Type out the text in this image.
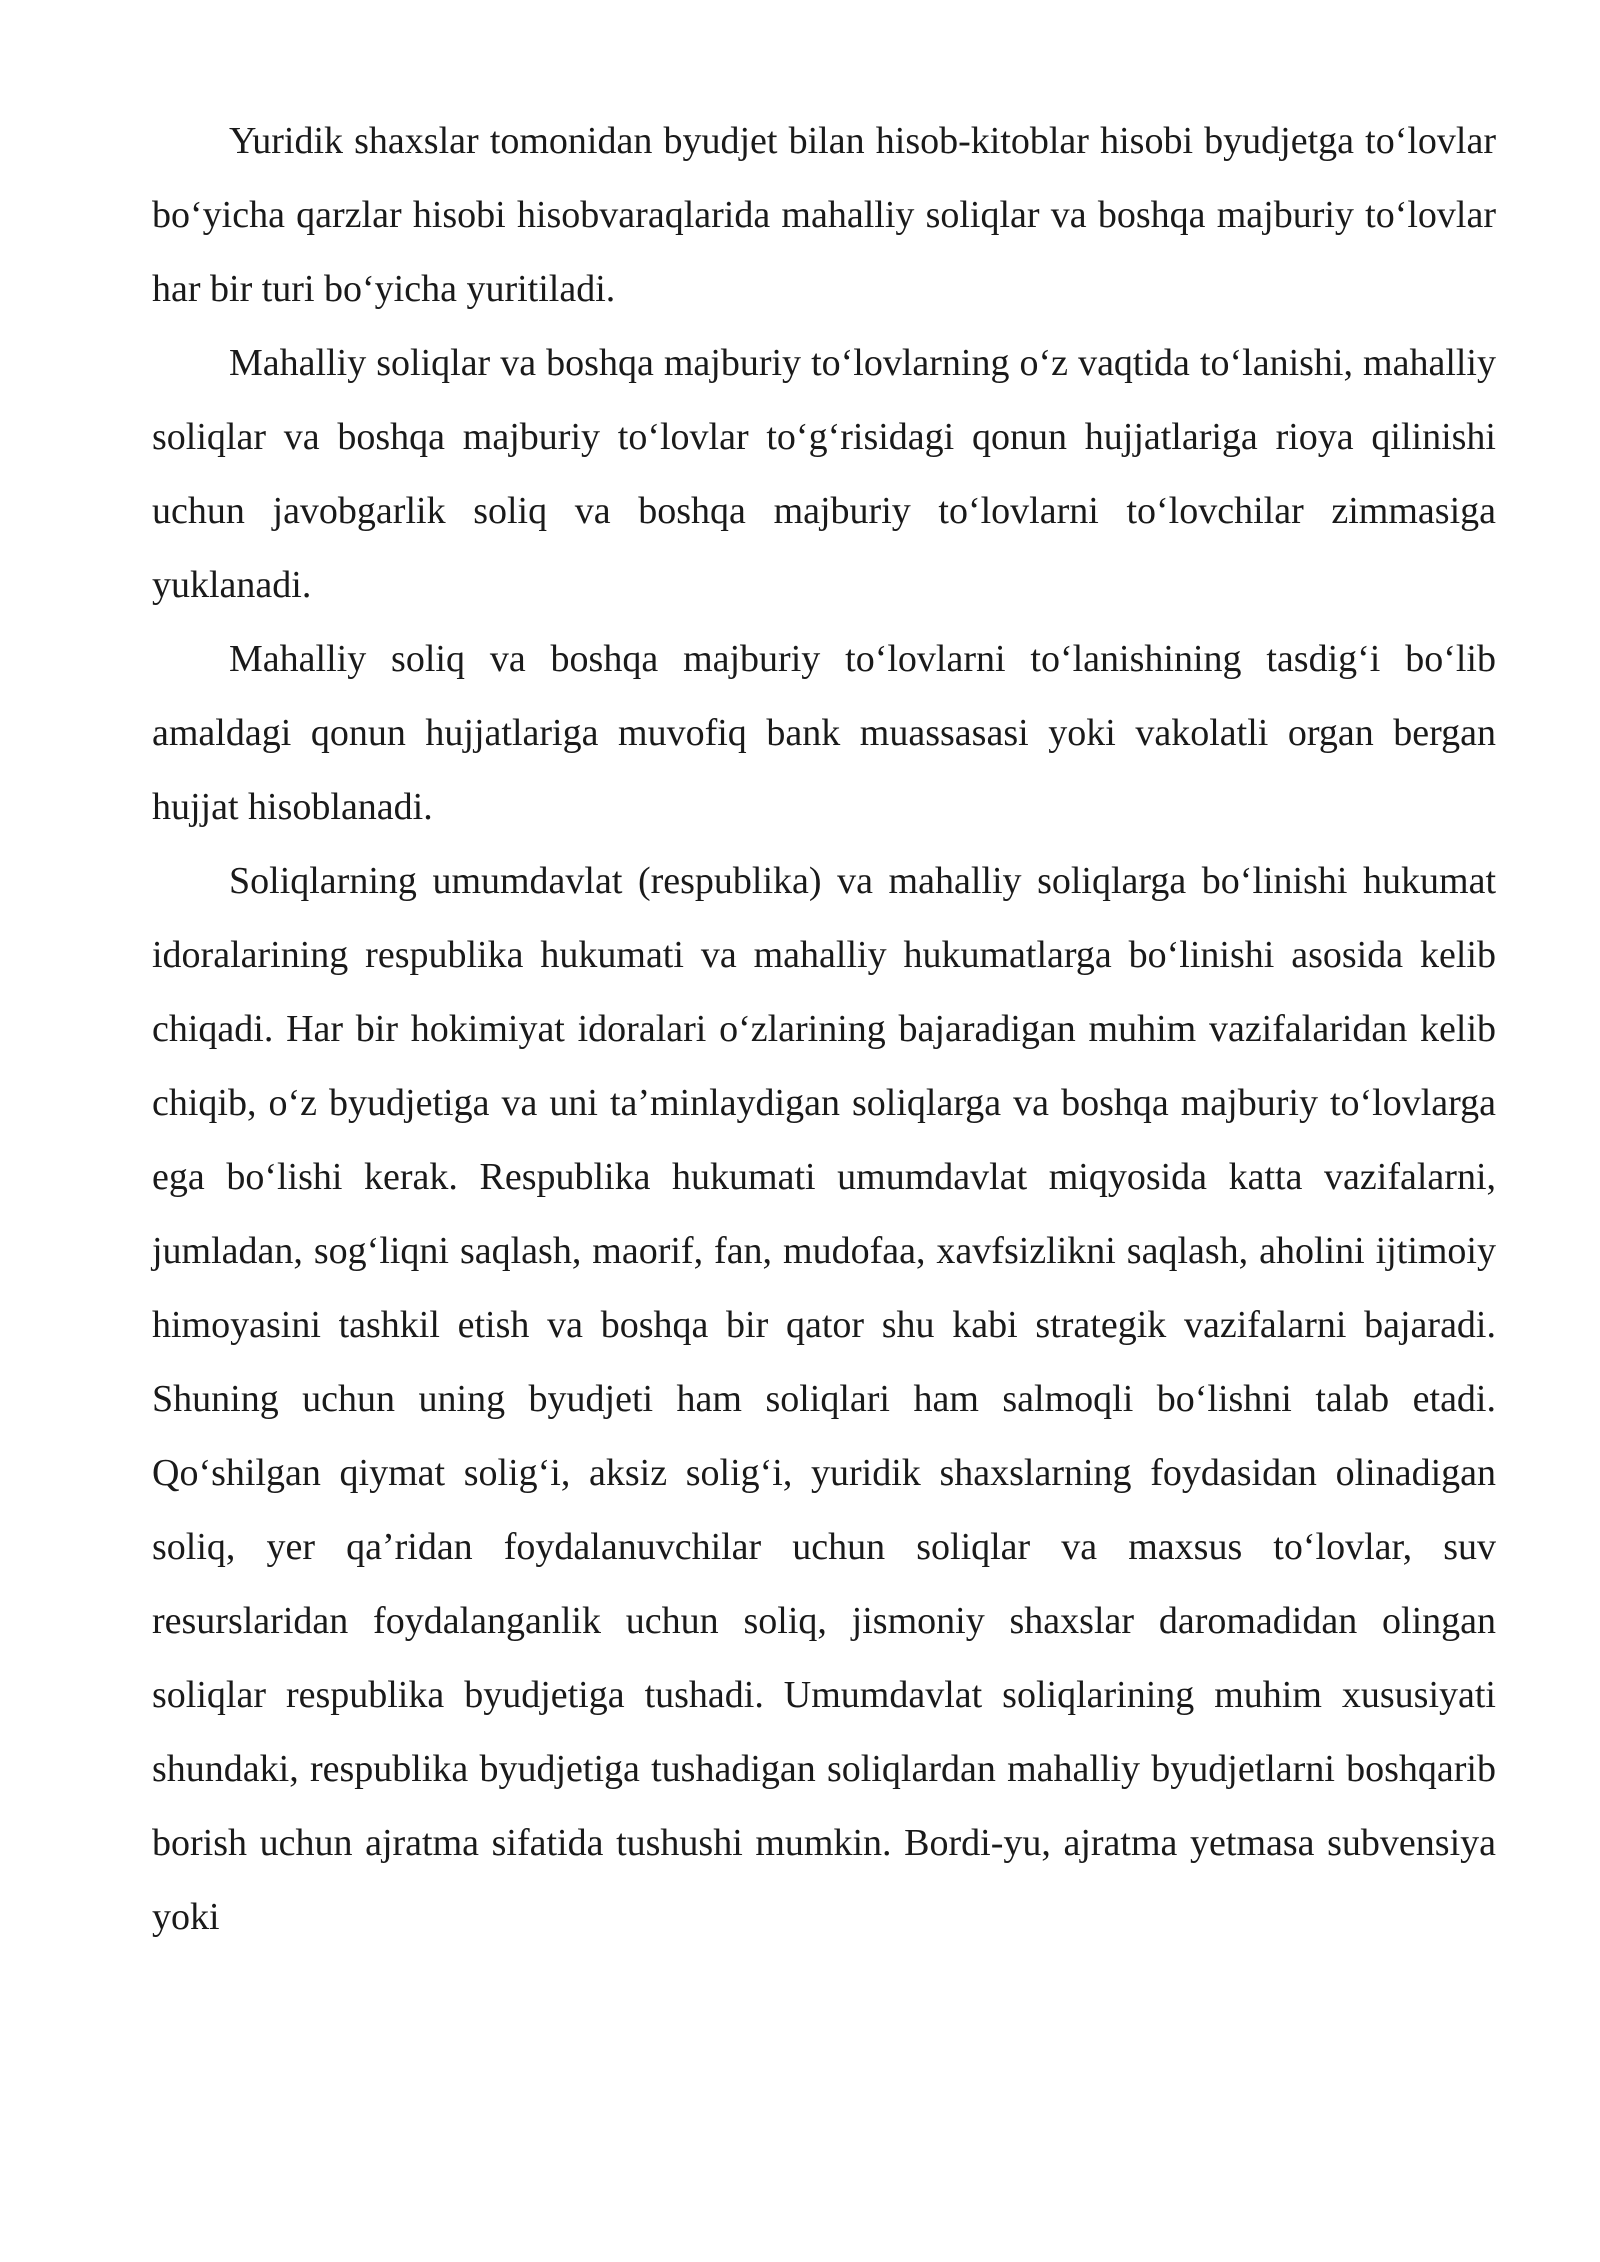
Yuridik shaxslar tomonidan byudjet bilan hisob-kitoblar hisobi byudjetga to‘lovlar bo‘yicha qarzlar hisobi hisobvaraqlarida mahalliy soliqlar va boshqa majburiy to‘lovlar har bir turi bo‘yicha yuritiladi.

Mahalliy soliqlar va boshqa majburiy to‘lovlarning o‘z vaqtida to‘lanishi, mahalliy soliqlar va boshqa majburiy to‘lovlar to‘g‘risidagi qonun hujjatlariga rioya qilinishi uchun javobgarlik soliq va boshqa majburiy to‘lovlarni to‘lovchilar zimmasiga yuklanadi.

Mahalliy soliq va boshqa majburiy to‘lovlarni to‘lanishining tasdig‘i bo‘lib amaldagi qonun hujjatlariga muvofiq bank muassasasi yoki vakolatli organ bergan hujjat hisoblanadi.

Soliqlarning umumdavlat (respublika) va mahalliy soliqlarga bo‘linishi hukumat idoralarining respublika hukumati va mahalliy hukumatlarga bo‘linishi asosida kelib chiqadi. Har bir hokimiyat idoralari o‘zlarining bajaradigan muhim vazifalaridan kelib chiqib, o‘z byudjetiga va uni ta’minlaydigan soliqlarga va boshqa majburiy to‘lovlarga ega bo‘lishi kerak. Respublika hukumati umumdavlat miqyosida katta vazifalarni, jumladan, sog‘liqni saqlash, maorif, fan, mudofaa, xavfsizlikni saqlash, aholini ijtimoiy himoyasini tashkil etish va boshqa bir qator shu kabi strategik vazifalarni bajaradi. Shuning uchun uning byudjeti ham soliqlari ham salmoqli bo‘lishni talab etadi. Qo‘shilgan qiymat solig‘i, aksiz solig‘i, yuridik shaxslarning foydasidan olinadigan soliq, yer qa’ridan foydalanuvchilar uchun soliqlar va maxsus to‘lovlar, suv resurslaridan foydalanganlik uchun soliq, jismoniy shaxslar daromadidan olingan soliqlar respublika byudjetiga tushadi. Umumdavlat soliqlarining muhim xususiyati shundaki, respublika byudjetiga tushadigan soliqlardan mahalliy byudjetlarni boshqarib borish uchun ajratma sifatida tushushi mumkin. Bordi-yu, ajratma yetmasa subvensiya yoki
